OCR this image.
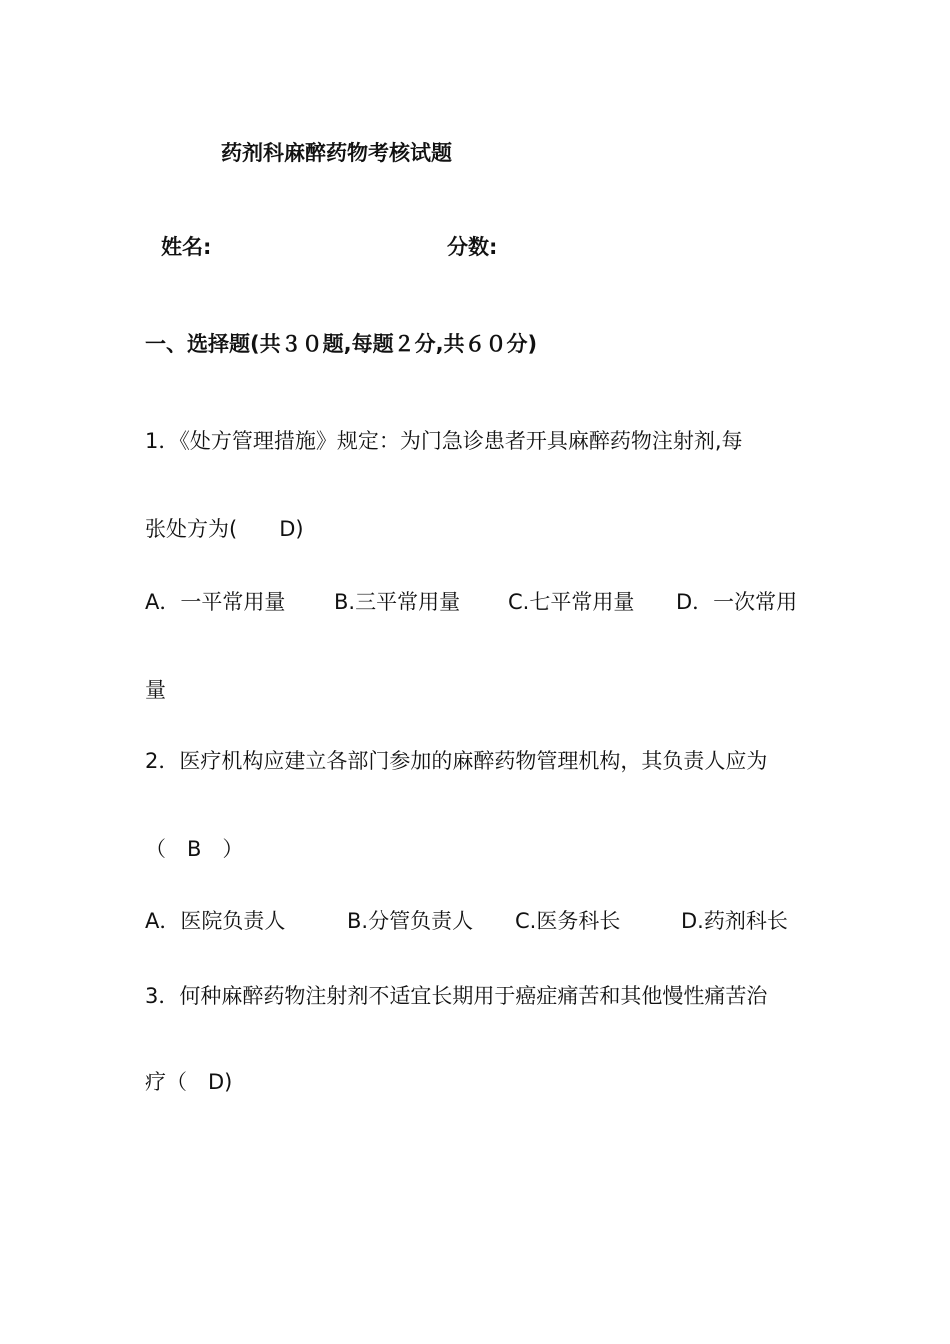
药剂科麻醉药物考核试题
姓名:	分数:
一、选择题(共３０题,每题２分,共６０分)
1．《处方管理措施》规定：为门急诊患者开具麻醉药物注射剂,每
张处方为(　　D)
A．一平常用量 B.三平常用量 C.七平常用量 D．一次常用
量
2．医疗机构应建立各部门参加的麻醉药物管理机构，其负责人应为
（　B　）
A．医院负责人	B.分管负责人 C.医务科长	D.药剂科长
3．何种麻醉药物注射剂不适宜长期用于癌症痛苦和其他慢性痛苦治
疗（　D)
